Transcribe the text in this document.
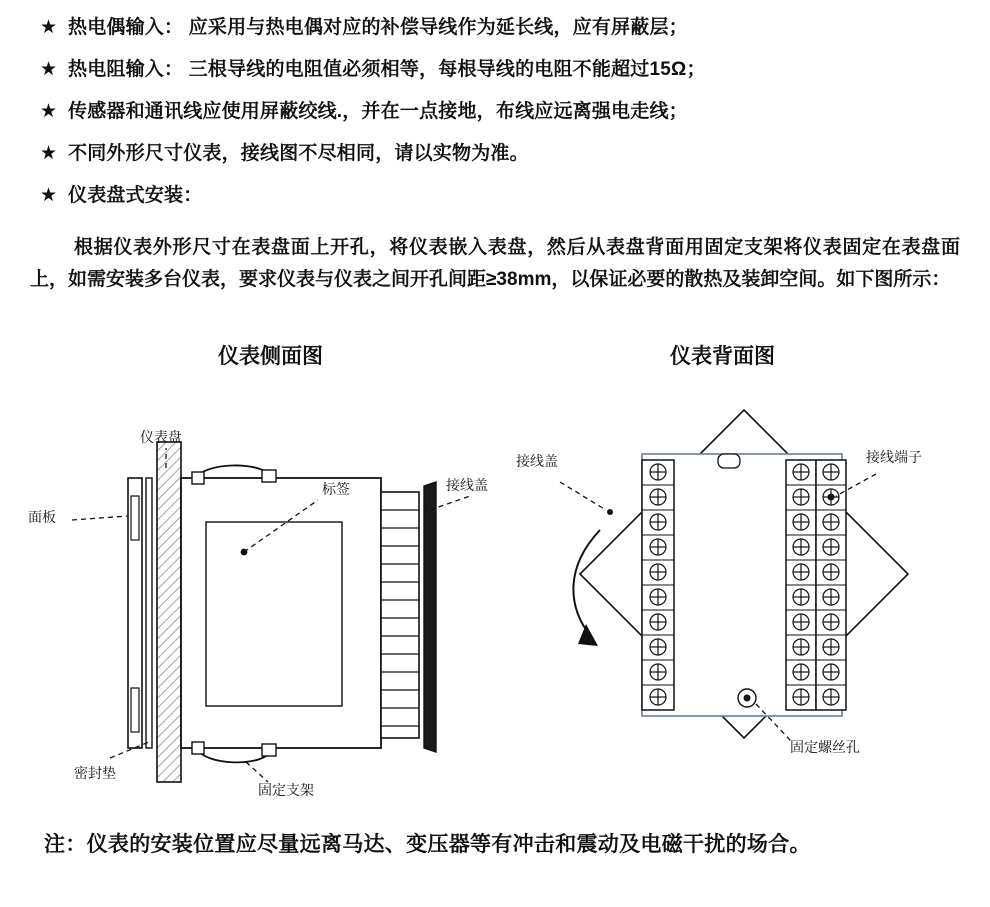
★ 热电偶输入： 应采用与热电偶对应的补偿导线作为延长线，应有屏蔽层；
★ 热电阻输入： 三根导线的电阻值必须相等，每根导线的电阻不能超过15Ω；
★ 传感器和通讯线应使用屏蔽绞线.，并在一点接地，布线应远离强电走线；
★ 不同外形尺寸仪表，接线图不尽相同，请以实物为准。
★ 仪表盘式安装：
根据仪表外形尺寸在表盘面上开孔，将仪表嵌入表盘，然后从表盘背面用固定支架将仪表固定在表盘面上，如需安装多台仪表，要求仪表与仪表之间开孔间距≥38mm，以保证必要的散热及装卸空间。如下图所示：
仪表侧面图	仪表背面图
仪表盘
面板
标签	接线盖
密封垫
固定支架
接线盖	接线端子
固定螺丝孔
注：仪表的安装位置应尽量远离马达、变压器等有冲击和震动及电磁干扰的场合。
